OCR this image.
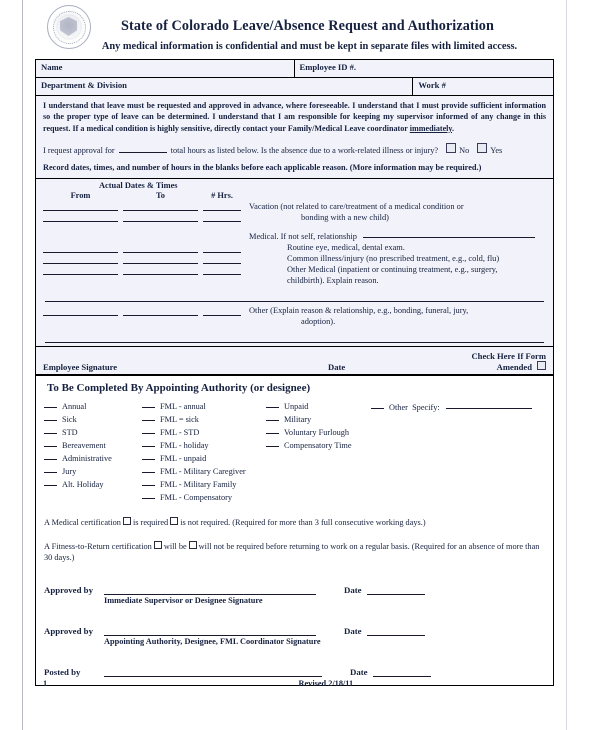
State of Colorado Leave/Absence Request and Authorization
Any medical information is confidential and must be kept in separate files with limited access.
Name	Employee ID #.
Department & Division	Work #
I understand that leave must be requested and approved in advance, where foreseeable. I understand that I must provide sufficient information so the proper type of leave can be determined. I understand that I am responsible for keeping my supervisor informed of any change in this request. If a medical condition is highly sensitive, directly contact your Family/Medical Leave coordinator immediately.
I request approval for	total hours as listed below. Is the absence due to a work-related illness or injury?	No	Yes
Record dates, times, and number of hours in the blanks before each applicable reason. (More information may be required.)
Actual Dates & Times
From	To	# Hrs.
Vacation (not related to care/treatment of a medical condition or
bonding with a new child)
Medical. If not self, relationship
Routine eye, medical, dental exam.
Common illness/injury (no prescribed treatment, e.g., cold, flu)
Other Medical (inpatient or continuing treatment, e.g., surgery,
childbirth). Explain reason.
Other (Explain reason & relationship, e.g., bonding, funeral, jury,
adoption).
Employee Signature	Date
Check Here If Form
Amended
To Be Completed By Appointing Authority (or designee)
Annual
Sick
STD
Bereavement
Administrative
Jury
Alt. Holiday
FML - annual
FML = sick
FML - STD
FML - holiday
FML - unpaid
FML - Military Caregiver
FML - Military Family
FML - Compensatory
Unpaid
Military
Voluntary Furlough
Compensatory Time
Other Specify:
A Medical certification is required is not required. (Required for more than 3 full consecutive working days.)
A Fitness-to-Return certification will be will not be required before returning to work on a regular basis. (Required for an absence of more than 30 days.)
Approved by	Date
Immediate Supervisor or Designee Signature
Approved by	Date
Appointing Authority, Designee, FML Coordinator Signature
Posted by	Date
1	Revised 2/18/11
